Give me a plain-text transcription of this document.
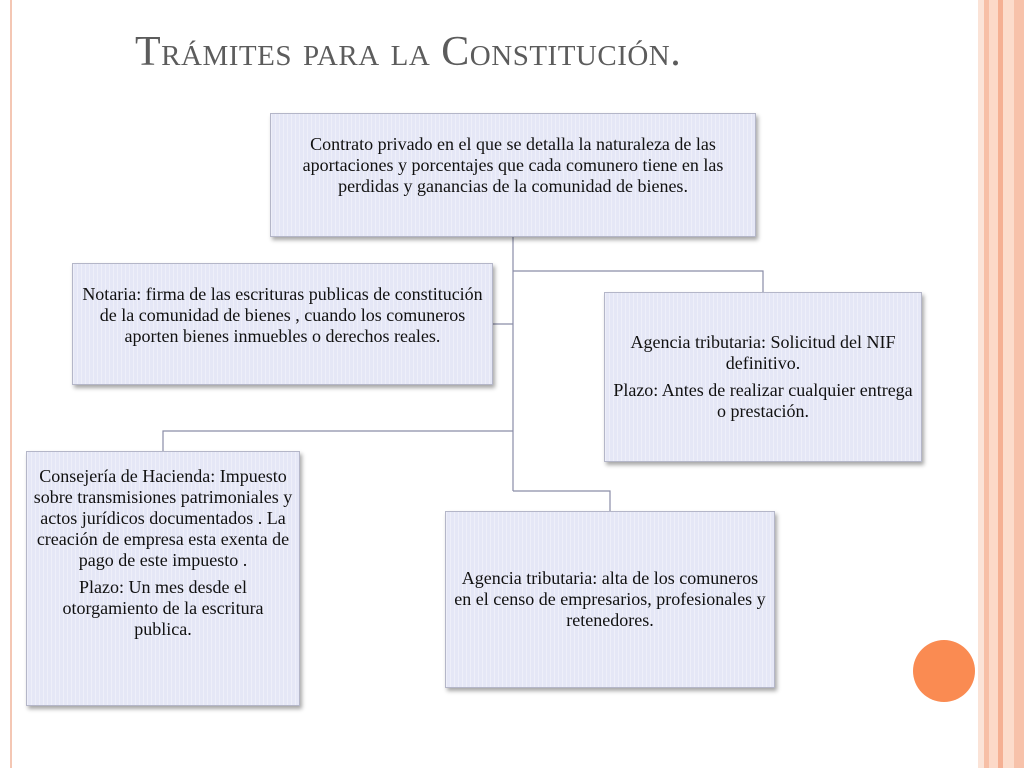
Trámites para la Constitución.

Contrato privado en el que se detalla la naturaleza de las aportaciones y porcentajes que cada comunero tiene en las perdidas y ganancias de la comunidad de bienes.

Notaria: firma de las escrituras publicas de constitución de la comunidad de bienes , cuando los comuneros aporten bienes inmuebles o derechos reales.	Agencia tributaria: Solicitud del NIF definitivo.

Plazo: Antes de realizar cualquier entrega o prestación.

Consejería de Hacienda: Impuesto sobre transmisiones patrimoniales y actos jurídicos documentados . La creación de empresa esta exenta de pago de este impuesto .

Plazo: Un mes desde el otorgamiento de la escritura publica.

Agencia tributaria: alta de los comuneros en el censo de empresarios, profesionales y retenedores.
